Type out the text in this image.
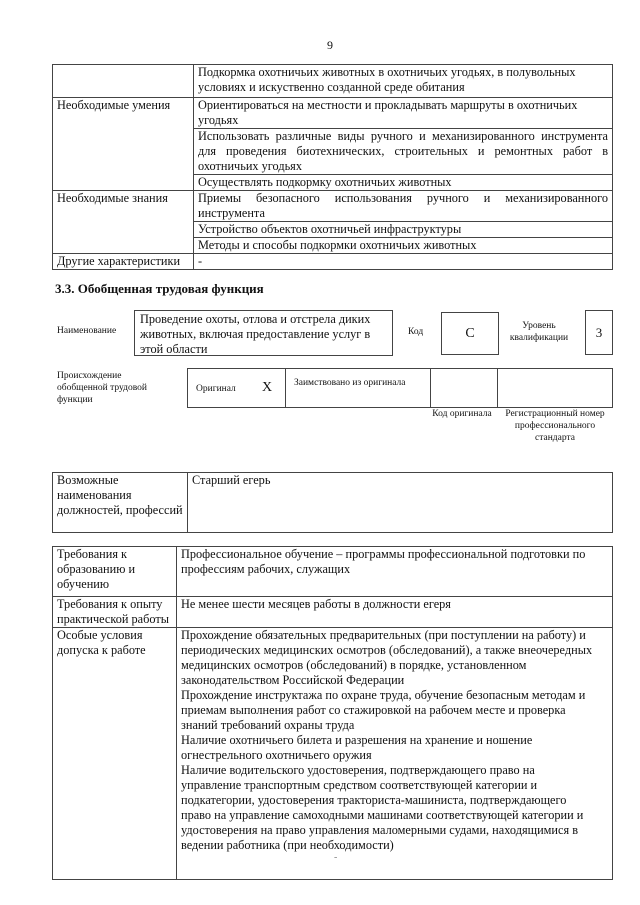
9
	Подкормка охотничьих животных в охотничьих угодьях, в полувольных условиях и искуственно созданной среде обитания
Необходимые умения	Ориентироваться на местности и прокладывать маршруты в охотничьих угодьях
	Использовать различные виды ручного и механизированного инструмента для проведения биотехнических, строительных и ремонтных работ в охотничьих угодьях
	Осуществлять подкормку охотничьих животных
Необходимые знания	Приемы безопасного использования ручного и механизированного инструмента
	Устройство объектов охотничьей инфраструктуры
	Методы и способы подкормки охотничьих животных
Другие характеристики	-
3.3. Обобщенная трудовая функция
Наименование
Проведение охоты, отлова и отстрела диких животных, включая предоставление услуг в этой области
Код	C	Уровень квалификации	3
Происхождение обобщенной трудовой функции
Оригинал X	Заимствовано из оригинала
Код оригинала	Регистрационный номер профессионального стандарта
Возможные наименования должностей, профессий	Старший егерь
Требования к образованию и обучению	Профессиональное обучение – программы профессиональной подготовки по профессиям рабочих, служащих
Требования к опыту практической работы	Не менее шести месяцев работы в должности егеря
Особые условия допуска к работе	Прохождение обязательных предварительных (при поступлении на работу) и периодических медицинских осмотров (обследований), а также внеочередных медицинских осмотров (обследований) в порядке, установленном законодательством Российской Федерации
Прохождение инструктажа по охране труда, обучение безопасным методам и приемам выполнения работ со стажировкой на рабочем месте и проверка знаний требований охраны труда
Наличие охотничьего билета и разрешения на хранение и ношение огнестрельного охотничьего оружия
Наличие водительского удостоверения, подтверждающего право на управление транспортным средством соответствующей категории и подкатегории, удостоверения тракториста-машиниста, подтверждающего право на управление самоходными машинами соответствующей категории и удостоверения на право управления маломерными судами, находящимися в ведении работника (при необходимости)
-
